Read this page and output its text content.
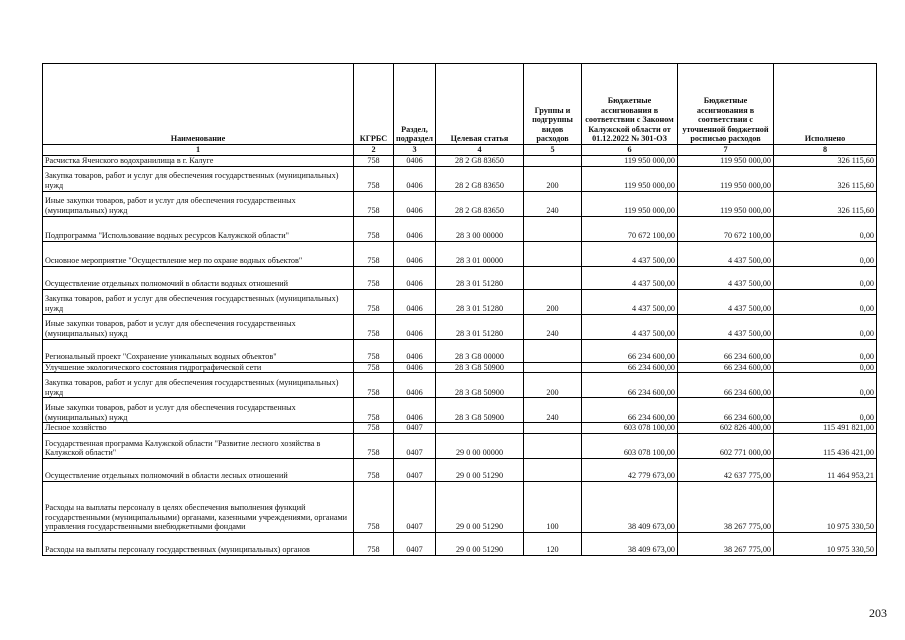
Наименование	КГРБС	Раздел, подраздел	Целевая статья	Группы и подгруппы видов расходов	Бюджетные ассигнования в соответствии с Законом Калужской области от 01.12.2022 № 301-ОЗ	Бюджетные ассигнования в соответствии с уточненной бюджетной росписью расходов	Исполнено
1	2	3	4	5	6	7	8
Расчистка Яченского водохранилища в г. Калуге	758	0406	28 2 G8 83650		119 950 000,00	119 950 000,00	326 115,60
Закупка товаров, работ и услуг для обеспечения государственных (муниципальных) нужд	758	0406	28 2 G8 83650	200	119 950 000,00	119 950 000,00	326 115,60
Иные закупки товаров, работ и услуг для обеспечения государственных (муниципальных) нужд	758	0406	28 2 G8 83650	240	119 950 000,00	119 950 000,00	326 115,60
Подпрограмма "Использование водных ресурсов Калужской области"	758	0406	28 3 00 00000		70 672 100,00	70 672 100,00	0,00
Основное мероприятие "Осуществление мер по охране водных объектов"	758	0406	28 3 01 00000		4 437 500,00	4 437 500,00	0,00
Осуществление отдельных полномочий в области водных отношений	758	0406	28 3 01 51280		4 437 500,00	4 437 500,00	0,00
Закупка товаров, работ и услуг для обеспечения государственных (муниципальных) нужд	758	0406	28 3 01 51280	200	4 437 500,00	4 437 500,00	0,00
Иные закупки товаров, работ и услуг для обеспечения государственных (муниципальных) нужд	758	0406	28 3 01 51280	240	4 437 500,00	4 437 500,00	0,00
Региональный проект "Сохранение уникальных водных объектов"	758	0406	28 3 G8 00000		66 234 600,00	66 234 600,00	0,00
Улучшение экологического состояния гидрографической сети	758	0406	28 3 G8 50900		66 234 600,00	66 234 600,00	0,00
Закупка товаров, работ и услуг для обеспечения государственных (муниципальных) нужд	758	0406	28 3 G8 50900	200	66 234 600,00	66 234 600,00	0,00
Иные закупки товаров, работ и услуг для обеспечения государственных (муниципальных) нужд	758	0406	28 3 G8 50900	240	66 234 600,00	66 234 600,00	0,00
Лесное хозяйство	758	0407			603 078 100,00	602 826 400,00	115 491 821,00
Государственная программа Калужской области "Развитие лесного хозяйства в Калужской области"	758	0407	29 0 00 00000		603 078 100,00	602 771 000,00	115 436 421,00
Осуществление отдельных полномочий в области лесных отношений	758	0407	29 0 00 51290		42 779 673,00	42 637 775,00	11 464 953,21
Расходы на выплаты персоналу в целях обеспечения выполнения функций государственными (муниципальными) органами, казенными учреждениями, органами управления государственными внебюджетными фондами	758	0407	29 0 00 51290	100	38 409 673,00	38 267 775,00	10 975 330,50
Расходы на выплаты персоналу государственных (муниципальных) органов	758	0407	29 0 00 51290	120	38 409 673,00	38 267 775,00	10 975 330,50
203
